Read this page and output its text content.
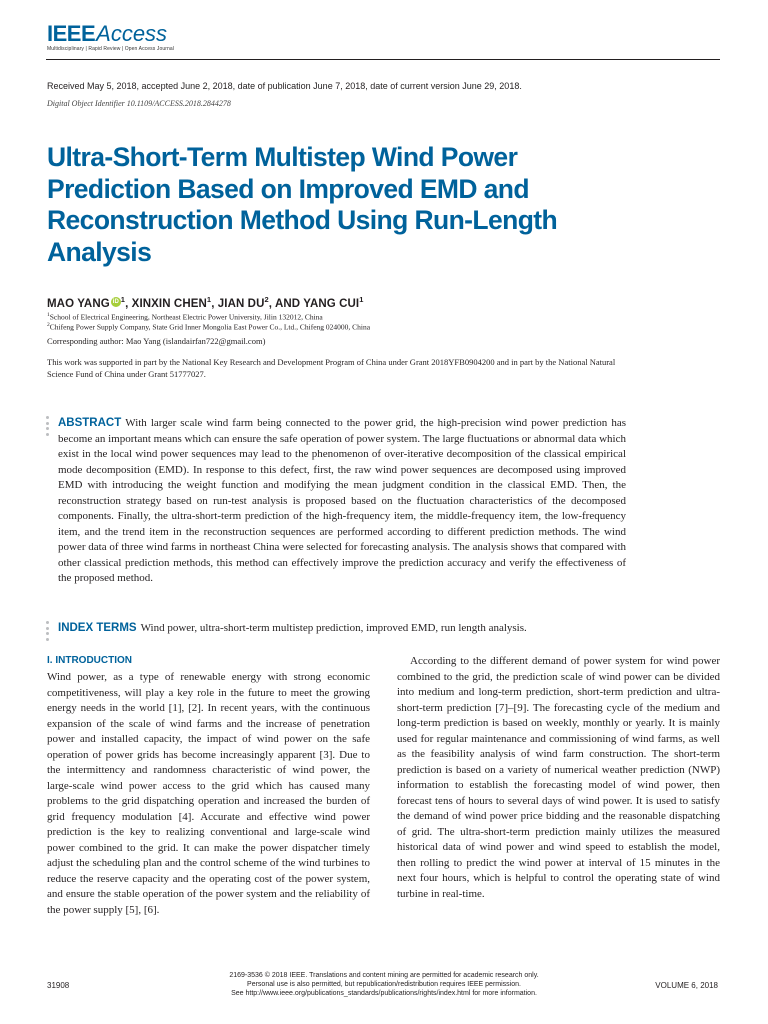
IEEEAccess
Multidisciplinary | Rapid Review | Open Access Journal
Received May 5, 2018, accepted June 2, 2018, date of publication June 7, 2018, date of current version June 29, 2018.
Digital Object Identifier 10.1109/ACCESS.2018.2844278
Ultra-Short-Term Multistep Wind Power Prediction Based on Improved EMD and Reconstruction Method Using Run-Length Analysis
MAO YANG iD $^1$, XINXIN CHEN$^1$, JIAN $DU^2$, AND YANG CUI$^1$
$^1$School of Electrical Engineering, Northeast Electric Power University, Jilin 132012, China
$^2$Chifeng Power Supply Company, State Grid Inner Mongolia East Power Co., Ltd., Chifeng 024000, China
Corresponding author: Mao Yang (islandairfan722@gmail.com)
This work was supported in part by the National Key Research and Development Program of China under Grant 2018YFB0904200 and in part by the National Natural Science Fund of China under Grant 51777027.

ABSTRACT With larger scale wind farm being connected to the power grid, the high-precision wind power prediction has become an important means which can ensure the safe operation of power system. The large fluctuations or abnormal data which exist in the local wind power sequences may lead to the phenomenon of over-iterative decomposition of the classical empirical mode decomposition (EMD). In response to this defect, first, the raw wind power sequences are decomposed using improved EMD with introducing the weight function and modifying the mean judgment condition in the classical EMD. Then, the reconstruction strategy based on run-test analysis is proposed based on the fluctuation characteristics of the decomposed components. Finally, the ultra-short-term prediction of the high-frequency item, the middle-frequency item, the low-frequency item, and the trend item in the reconstruction sequences are performed according to different prediction methods. The wind power data of three wind farms in northeast China were selected for forecasting analysis. The analysis shows that compared with other classical prediction methods, this method can effectively improve the prediction accuracy and verify the effectiveness of the proposed method.

INDEX TERMS Wind power, ultra-short-term multistep prediction, improved EMD, run length analysis.

I. INTRODUCTION

Wind power, as a type of renewable energy with strong economic competitiveness, will play a key role in the future to meet the growing energy needs in the world [1], [2]. In recent years, with the continuous expansion of the scale of wind farms and the increase of penetration power and installed capacity, the impact of wind power on the safe operation of power grids has become increasingly apparent [3]. Due to the intermittency and randomness characteristic of wind power, the large-scale wind power access to the grid which has caused many problems to the grid dispatching operation and increased the burden of grid frequency modulation [4]. Accurate and effective wind power prediction is the key to realizing conventional and large-scale wind power combined to the grid. It can make the power dispatcher timely adjust the scheduling plan and the control scheme of the wind turbines to reduce the reserve capacity and the operating cost of the power system, and ensure the stable operation of the power system and the reliability of the power supply [5], [6].

According to the different demand of power system for wind power combined to the grid, the prediction scale of wind power can be divided into medium and long-term prediction, short-term prediction and ultra-short-term prediction [7]–[9]. The forecasting cycle of the medium and long-term prediction is based on weekly, monthly or yearly. It is mainly used for regular maintenance and commissioning of wind farms, as well as the feasibility analysis of wind farm construction. The short-term prediction is based on a variety of numerical weather prediction (NWP) information to establish the forecasting model of wind power, then forecast tens of hours to several days of wind power. It is used to satisfy the demand of wind power price bidding and the reasonable dispatching of grid. The ultra-short-term prediction mainly utilizes the measured historical data of wind power and wind speed to establish the model, then rolling to predict the wind power at interval of 15 minutes in the next four hours, which is helpful to control the operating state of wind turbine in real-time.

31908
2169-3536 © 2018 IEEE. Translations and content mining are permitted for academic research only.
Personal use is also permitted, but republication/redistribution requires IEEE permission.
See http://www.ieee.org/publications_standards/publications/rights/index.html for more information.
VOLUME 6, 2018
